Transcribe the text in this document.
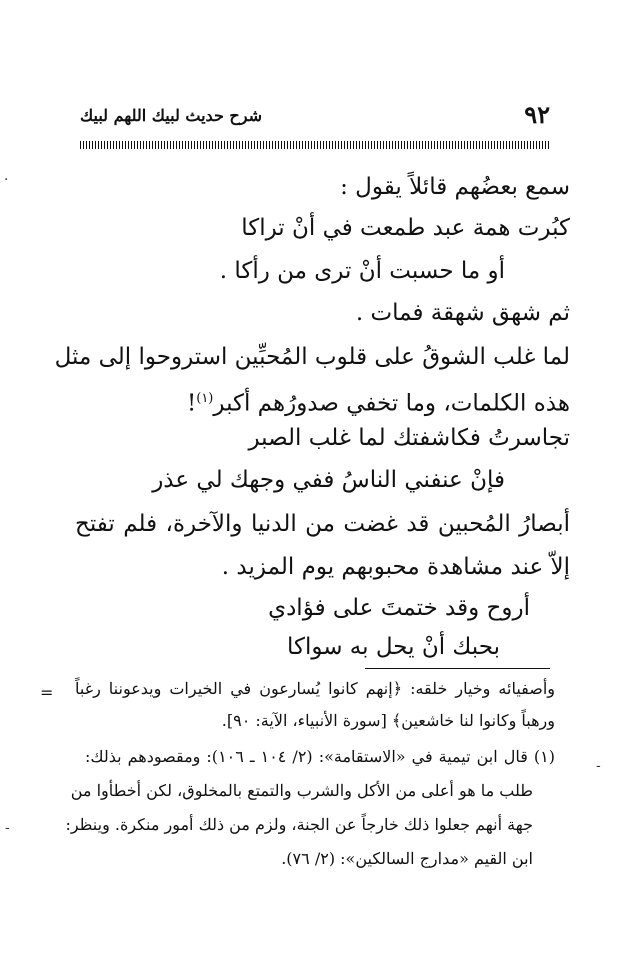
٩٢
شرح حديث لبيك اللهم لبيك
·	سمع بعضُهم قائلاً يقول :
كبُرت همة عبد طمعت في أنْ تراكا
أو ما حسبت أنْ ترى من رأكا .
ثم شهق شهقة فمات .
لما غلب الشوقُ على قلوب المُحبِّين استروحوا إلى مثل
هذه الكلمات، وما تخفي صدورُهم أكبر$^{(١)}$!
تجاسرتُ فكاشفتك لما غلب الصبر
فإنْ عنفني الناسُ ففي وجهك لي عذر
أبصارُ المُحبين قد غضت من الدنيا والآخرة، فلم تفتح
إلاّ عند مشاهدة محبوبهم يوم المزيد .
أروح وقد ختمتَ على فؤادي
بحبك أنْ يحل به سواكا
=
-
-
وأصفيائه وخيار خلقه: ﴿إنهم كانوا يُسارعون في الخيرات ويدعوننا رغباً
ورهباً وكانوا لنا خاشعين﴾ [سورة الأنبياء، الآية: ٩٠].
(١) قال ابن تيمية في «الاستقامة»: (٢/ ١٠٤ ـ ١٠٦): ومقصودهم بذلك:
طلب ما هو أعلى من الأكل والشرب والتمتع بالمخلوق، لكن أخطأوا من
جهة أنهم جعلوا ذلك خارجاً عن الجنة، ولزم من ذلك أمور منكرة. وينظر:
ابن القيم «مدارج السالكين»: (٢/ ٧٦).
